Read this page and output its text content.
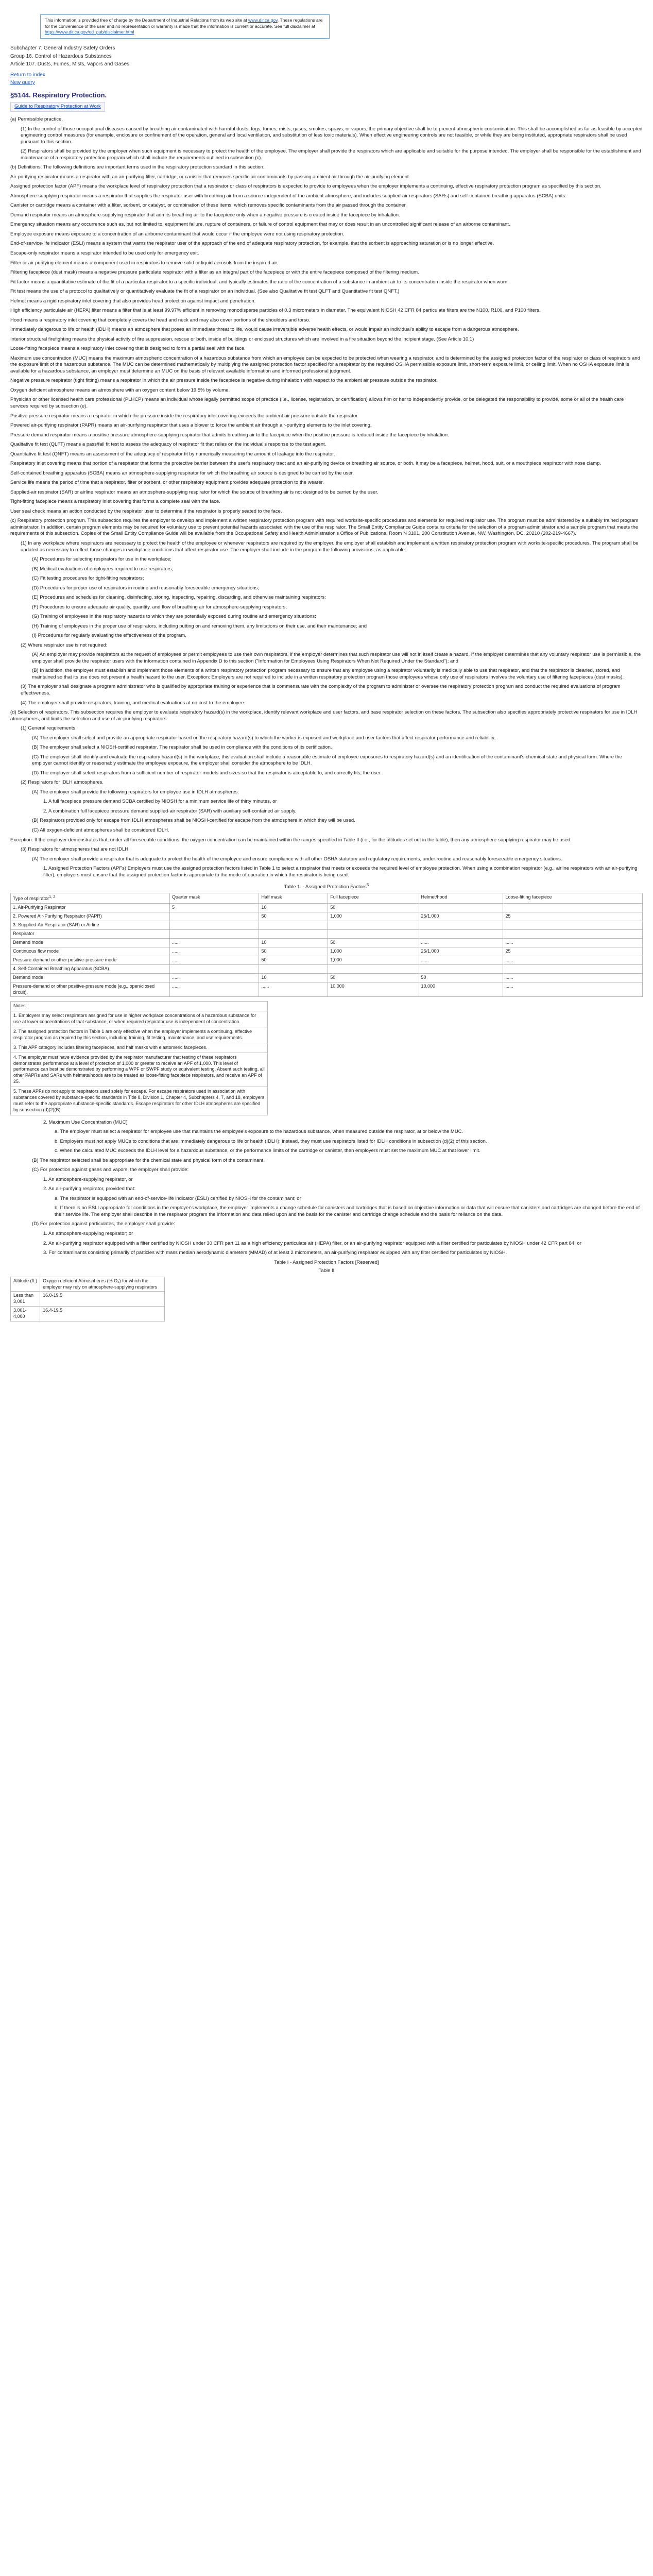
This information is provided free of charge by the Department of Industrial Relations from its web site at www.dir.ca.gov. These regulations are for the convenience of the user and no representation or warranty is made that the information is current or accurate. See full disclaimer at https://www.dir.ca.gov/od_pub/disclaimer.html
Subchapter 7. General Industry Safety Orders
Group 16. Control of Hazardous Substances
Article 107. Dusts, Fumes, Mists, Vapors and Gases
Return to index
New query
§5144. Respiratory Protection.
Guide to Respiratory Protection at Work

(a) Permissible practice.

(1) In the control of those occupational diseases caused by breathing air contaminated with harmful dusts, fogs, fumes, mists, gases, smokes, sprays, or vapors, the primary objective shall be to prevent atmospheric contamination. This shall be accomplished as far as feasible by accepted engineering control measures (for example, enclosure or confinement of the operation, general and local ventilation, and substitution of less toxic materials). When effective engineering controls are not feasible, or while they are being instituted, appropriate respirators shall be used pursuant to this section.

(2) Respirators shall be provided by the employer when such equipment is necessary to protect the health of the employee. The employer shall provide the respirators which are applicable and suitable for the purpose intended. The employer shall be responsible for the establishment and maintenance of a respiratory protection program which shall include the requirements outlined in subsection (c).

(b) Definitions. The following definitions are important terms used in the respiratory protection standard in this section.

Air-purifying respirator means a respirator with an air-purifying filter, cartridge, or canister that removes specific air contaminants by passing ambient air through the air-purifying element.

Assigned protection factor (APF) means the workplace level of respiratory protection that a respirator or class of respirators is expected to provide to employees when the employer implements a continuing, effective respiratory protection program as specified by this section.

Atmosphere-supplying respirator means a respirator that supplies the respirator user with breathing air from a source independent of the ambient atmosphere, and includes supplied-air respirators (SARs) and self-contained breathing apparatus (SCBA) units.

Canister or cartridge means a container with a filter, sorbent, or catalyst, or combination of these items, which removes specific contaminants from the air passed through the container.

Demand respirator means an atmosphere-supplying respirator that admits breathing air to the facepiece only when a negative pressure is created inside the facepiece by inhalation.

Emergency situation means any occurrence such as, but not limited to, equipment failure, rupture of containers, or failure of control equipment that may or does result in an uncontrolled significant release of an airborne contaminant.

Employee exposure means exposure to a concentration of an airborne contaminant that would occur if the employee were not using respiratory protection.

End-of-service-life indicator (ESLI) means a system that warns the respirator user of the approach of the end of adequate respiratory protection, for example, that the sorbent is approaching saturation or is no longer effective.

Escape-only respirator means a respirator intended to be used only for emergency exit.

Filter or air purifying element means a component used in respirators to remove solid or liquid aerosols from the inspired air.

Filtering facepiece (dust mask) means a negative pressure particulate respirator with a filter as an integral part of the facepiece or with the entire facepiece composed of the filtering medium.

Fit factor means a quantitative estimate of the fit of a particular respirator to a specific individual, and typically estimates the ratio of the concentration of a substance in ambient air to its concentration inside the respirator when worn.

Fit test means the use of a protocol to qualitatively or quantitatively evaluate the fit of a respirator on an individual. (See also Qualitative fit test QLFT and Quantitative fit test QNFT.)

Helmet means a rigid respiratory inlet covering that also provides head protection against impact and penetration.

High efficiency particulate air (HEPA) filter means a filter that is at least 99.97% efficient in removing monodisperse particles of 0.3 micrometers in diameter. The equivalent NIOSH 42 CFR 84 particulate filters are the N100, R100, and P100 filters.

Hood means a respiratory inlet covering that completely covers the head and neck and may also cover portions of the shoulders and torso.

Immediately dangerous to life or health (IDLH) means an atmosphere that poses an immediate threat to life, would cause irreversible adverse health effects, or would impair an individual's ability to escape from a dangerous atmosphere.

Interior structural firefighting means the physical activity of fire suppression, rescue or both, inside of buildings or enclosed structures which are involved in a fire situation beyond the incipient stage. (See Article 10.1)

Loose-fitting facepiece means a respiratory inlet covering that is designed to form a partial seal with the face.

Maximum use concentration (MUC) means the maximum atmospheric concentration of a hazardous substance from which an employee can be expected to be protected when wearing a respirator, and is determined by the assigned protection factor of the respirator or class of respirators and the exposure limit of the hazardous substance. The MUC can be determined mathematically by multiplying the assigned protection factor specified for a respirator by the required OSHA permissible exposure limit, short-term exposure limit, or ceiling limit. When no OSHA exposure limit is available for a hazardous substance, an employer must determine an MUC on the basis of relevant available information and informed professional judgment.

Negative pressure respirator (tight fitting) means a respirator in which the air pressure inside the facepiece is negative during inhalation with respect to the ambient air pressure outside the respirator.

Oxygen deficient atmosphere means an atmosphere with an oxygen content below 19.5% by volume.

Physician or other licensed health care professional (PLHCP) means an individual whose legally permitted scope of practice (i.e., license, registration, or certification) allows him or her to independently provide, or be delegated the responsibility to provide, some or all of the health care services required by subsection (e).

Positive pressure respirator means a respirator in which the pressure inside the respiratory inlet covering exceeds the ambient air pressure outside the respirator.

Powered air-purifying respirator (PAPR) means an air-purifying respirator that uses a blower to force the ambient air through air-purifying elements to the inlet covering.

Pressure demand respirator means a positive pressure atmosphere-supplying respirator that admits breathing air to the facepiece when the positive pressure is reduced inside the facepiece by inhalation.

Qualitative fit test (QLFT) means a pass/fail fit test to assess the adequacy of respirator fit that relies on the individual's response to the test agent.

Quantitative fit test (QNFT) means an assessment of the adequacy of respirator fit by numerically measuring the amount of leakage into the respirator.

Respiratory inlet covering means that portion of a respirator that forms the protective barrier between the user's respiratory tract and an air-purifying device or breathing air source, or both. It may be a facepiece, helmet, hood, suit, or a mouthpiece respirator with nose clamp.

Self-contained breathing apparatus (SCBA) means an atmosphere-supplying respirator for which the breathing air source is designed to be carried by the user.

Service life means the period of time that a respirator, filter or sorbent, or other respiratory equipment provides adequate protection to the wearer.

Supplied-air respirator (SAR) or airline respirator means an atmosphere-supplying respirator for which the source of breathing air is not designed to be carried by the user.

Tight-fitting facepiece means a respiratory inlet covering that forms a complete seal with the face.

User seal check means an action conducted by the respirator user to determine if the respirator is properly seated to the face.

(c) Respiratory protection program. This subsection requires the employer to develop and implement a written respiratory protection program with required worksite-specific procedures and elements for required respirator use. The program must be administered by a suitably trained program administrator. In addition, certain program elements may be required for voluntary use to prevent potential hazards associated with the use of the respirator. The Small Entity Compliance Guide contains criteria for the selection of a program administrator and a sample program that meets the requirements of this subsection. Copies of the Small Entity Compliance Guide will be available from the Occupational Safety and Health Administration's Office of Publications, Room N 3101, 200 Constitution Avenue, NW, Washington, DC, 20210 (202-219-4667).

(1) In any workplace where respirators are necessary to protect the health of the employee or whenever respirators are required by the employer, the employer shall establish and implement a written respiratory protection program with worksite-specific procedures. The program shall be updated as necessary to reflect those changes in workplace conditions that affect respirator use. The employer shall include in the program the following provisions, as applicable:

(A) Procedures for selecting respirators for use in the workplace;

(B) Medical evaluations of employees required to use respirators;

(C) Fit testing procedures for tight-fitting respirators;

(D) Procedures for proper use of respirators in routine and reasonably foreseeable emergency situations;

(E) Procedures and schedules for cleaning, disinfecting, storing, inspecting, repairing, discarding, and otherwise maintaining respirators;

(F) Procedures to ensure adequate air quality, quantity, and flow of breathing air for atmosphere-supplying respirators;

(G) Training of employees in the respiratory hazards to which they are potentially exposed during routine and emergency situations;

(H) Training of employees in the proper use of respirators, including putting on and removing them, any limitations on their use, and their maintenance; and

(I) Procedures for regularly evaluating the effectiveness of the program.

(2) Where respirator use is not required:

(A) An employer may provide respirators at the request of employees or permit employees to use their own respirators, if the employer determines that such respirator use will not in itself create a hazard. If the employer determines that any voluntary respirator use is permissible, the employer shall provide the respirator users with the information contained in Appendix D to this section ("Information for Employees Using Respirators When Not Required Under the Standard"); and

(B) In addition, the employer must establish and implement those elements of a written respiratory protection program necessary to ensure that any employee using a respirator voluntarily is medically able to use that respirator, and that the respirator is cleaned, stored, and maintained so that its use does not present a health hazard to the user. Exception: Employers are not required to include in a written respiratory protection program those employees whose only use of respirators involves the voluntary use of filtering facepieces (dust masks).

(3) The employer shall designate a program administrator who is qualified by appropriate training or experience that is commensurate with the complexity of the program to administer or oversee the respiratory protection program and conduct the required evaluations of program effectiveness.

(4) The employer shall provide respirators, training, and medical evaluations at no cost to the employee.

(d) Selection of respirators. This subsection requires the employer to evaluate respiratory hazard(s) in the workplace, identify relevant workplace and user factors, and base respirator selection on these factors. The subsection also specifies appropriately protective respirators for use in IDLH atmospheres, and limits the selection and use of air-purifying respirators.

(1) General requirements.

(A) The employer shall select and provide an appropriate respirator based on the respiratory hazard(s) to which the worker is exposed and workplace and user factors that affect respirator performance and reliability.

(B) The employer shall select a NIOSH-certified respirator. The respirator shall be used in compliance with the conditions of its certification.

(C) The employer shall identify and evaluate the respiratory hazard(s) in the workplace; this evaluation shall include a reasonable estimate of employee exposures to respiratory hazard(s) and an identification of the contaminant's chemical state and physical form. Where the employer cannot identify or reasonably estimate the employee exposure, the employer shall consider the atmosphere to be IDLH.

(D) The employer shall select respirators from a sufficient number of respirator models and sizes so that the respirator is acceptable to, and correctly fits, the user.

(2) Respirators for IDLH atmospheres.

(A) The employer shall provide the following respirators for employee use in IDLH atmospheres:

1. A full facepiece pressure demand SCBA certified by NIOSH for a minimum service life of thirty minutes, or

2. A combination full facepiece pressure demand supplied-air respirator (SAR) with auxiliary self-contained air supply.

(B) Respirators provided only for escape from IDLH atmospheres shall be NIOSH-certified for escape from the atmosphere in which they will be used.

(C) All oxygen-deficient atmospheres shall be considered IDLH.

Exception: If the employer demonstrates that, under all foreseeable conditions, the oxygen concentration can be maintained within the ranges specified in Table II (i.e., for the altitudes set out in the table), then any atmosphere-supplying respirator may be used.

(3) Respirators for atmospheres that are not IDLH

(A) The employer shall provide a respirator that is adequate to protect the health of the employee and ensure compliance with all other OSHA statutory and regulatory requirements, under routine and reasonably foreseeable emergency situations.

1. Assigned Protection Factors (APFs) Employers must use the assigned protection factors listed in Table 1 to select a respirator that meets or exceeds the required level of employee protection. When using a combination respirator (e.g., airline respirators with an air-purifying filter), employers must ensure that the assigned protection factor is appropriate to the mode of operation in which the respirator is being used.

Table 1. - Assigned Protection Factors$^5$
Type of respirator$^{1, 2}$	Quarter mask	Half mask	Full facepiece	Helmet/hood	Loose-fitting facepiece
1. Air-Purifying Respirator	5	10	50		
2. Powered Air-Purifying Respirator (PAPR)		50	1,000	25/1,000	25
3. Supplied-Air Respirator (SAR) or Airline					
Respirator					
Demand mode	......	10	50	......	......
Continuous flow mode	......	50	1,000	25/1,000	25
Pressure-demand or other positive-pressure mode	......	50	1,000	......	......
4. Self-Contained Breathing Apparatus (SCBA)					
Demand mode	......	10	50	50	......
Pressure-demand or other positive-pressure mode (e.g., open/closed circuit).	......	......	10,000	10,000	......
Notes:
1. Employers may select respirators assigned for use in higher workplace concentrations of a hazardous substance for use at lower concentrations of that substance, or when required respirator use is independent of concentration.
2. The assigned protection factors in Table 1 are only effective when the employer implements a continuing, effective respirator program as required by this section, including training, fit testing, maintenance, and use requirements.
3. This APF category includes filtering facepieces, and half masks with elastomeric facepieces.
4. The employer must have evidence provided by the respirator manufacturer that testing of these respirators demonstrates performance at a level of protection of 1,000 or greater to receive an APF of 1,000. This level of performance can best be demonstrated by performing a WPF or SWPF study or equivalent testing. Absent such testing, all other PAPRs and SARs with helmets/hoods are to be treated as loose-fitting facepiece respirators, and receive an APF of 25.
5. These APFs do not apply to respirators used solely for escape. For escape respirators used in association with substances covered by substance-specific standards in Title 8, Division 1, Chapter 4, Subchapters 4, 7, and 18, employers must refer to the appropriate substance-specific standards. Escape respirators for other IDLH atmospheres are specified by subsection (d)(2)(B).

2. Maximum Use Concentration (MUC)

a. The employer must select a respirator for employee use that maintains the employee's exposure to the hazardous substance, when measured outside the respirator, at or below the MUC.

b. Employers must not apply MUCs to conditions that are immediately dangerous to life or health (IDLH); instead, they must use respirators listed for IDLH conditions in subsection (d)(2) of this section.

c. When the calculated MUC exceeds the IDLH level for a hazardous substance, or the performance limits of the cartridge or canister, then employers must set the maximum MUC at that lower limit.

(B) The respirator selected shall be appropriate for the chemical state and physical form of the contaminant.

(C) For protection against gases and vapors, the employer shall provide:

1. An atmosphere-supplying respirator, or

2. An air-purifying respirator, provided that:

a. The respirator is equipped with an end-of-service-life indicator (ESLI) certified by NIOSH for the contaminant; or

b. If there is no ESLI appropriate for conditions in the employer's workplace, the employer implements a change schedule for canisters and cartridges that is based on objective information or data that will ensure that canisters and cartridges are changed before the end of their service life. The employer shall describe in the respirator program the information and data relied upon and the basis for the canister and cartridge change schedule and the basis for reliance on the data.

(D) For protection against particulates, the employer shall provide:

1. An atmosphere-supplying respirator; or

2. An air-purifying respirator equipped with a filter certified by NIOSH under 30 CFR part 11 as a high efficiency particulate air (HEPA) filter, or an air-purifying respirator equipped with a filter certified for particulates by NIOSH under 42 CFR part 84; or

3. For contaminants consisting primarily of particles with mass median aerodynamic diameters (MMAD) of at least 2 micrometers, an air-purifying respirator equipped with any filter certified for particulates by NIOSH.

Table I - Assigned Protection Factors [Reserved]
Table II
Altitude (ft.)	Oxygen deficient Atmospheres (% O₂) for which the employer may rely on atmosphere-supplying respirators
Less than 3,001	16.0-19.5
3,001-4,000	16.4-19.5
